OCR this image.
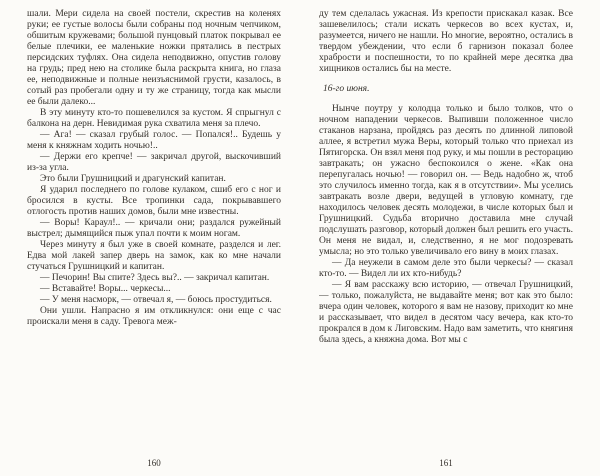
шали. Мери сидела на своей постели, скрестив на коленях руки; ее густые волосы были собраны под ночным чепчиком, обшитым кружевами; большой пунцовый платок покрывал ее белые плечики, ее маленькие ножки прятались в пестрых персидских туфлях. Она сидела неподвижно, опустив голову на грудь; пред нею на столике была раскрыта книга, но глаза ее, неподвижные и полные неизъяснимой грусти, казалось, в сотый раз пробегали одну и ту же страницу, тогда как мысли ее были далеко...

В эту минуту кто-то пошевелился за кустом. Я спрыгнул с балкона на дерн. Невидимая рука схватила меня за плечо.

— Ага! — сказал грубый голос. — Попался!.. Будешь у меня к княжнам ходить ночью!..

— Держи его крепче! — закричал другой, выскочивший из-за угла.

Это были Грушницкий и драгунский капитан.

Я ударил последнего по голове кулаком, сшиб его с ног и бросился в кусты. Все тропинки сада, покрывавшего отлогость против наших домов, были мне известны.

— Воры! Караул!.. — кричали они; раздался ружейный выстрел; дымящийся пыж упал почти к моим ногам.

Через минуту я был уже в своей комнате, разделся и лег. Едва мой лакей запер дверь на замок, как ко мне начали стучаться Грушницкий и капитан.

— Печорин! Вы спите? Здесь вы?.. — закричал капитан.

— Вставайте! Воры... черкесы...

— У меня насморк, — отвечал я, — боюсь простудиться.

Они ушли. Напрасно я им откликнулся: они еще с час проискали меня в саду. Тревога меж-

160

ду тем сделалась ужасная. Из крепости прискакал казак. Все зашевелилось; стали искать черкесов во всех кустах, и, разумеется, ничего не нашли. Но многие, вероятно, остались в твердом убеждении, что если б гарнизон показал более храбрости и поспешности, то по крайней мере десятка два хищников остались бы на месте.

16-го июня.

Нынче поутру у колодца только и было толков, что о ночном нападении черкесов. Выпивши положенное число стаканов нарзана, пройдясь раз десять по длинной липовой аллее, я встретил мужа Веры, который только что приехал из Пятигорска. Он взял меня под руку, и мы пошли в ресторацию завтракать; он ужасно беспокоился о жене. «Как она перепугалась ночью! — говорил он. — Ведь надобно ж, чтоб это случилось именно тогда, как я в отсутствии». Мы уселись завтракать возле двери, ведущей в угловую комнату, где находилось человек десять молодежи, в числе которых был и Грушницкий. Судьба вторично доставила мне случай подслушать разговор, который должен был решить его участь. Он меня не видал, и, следственно, я не мог подозревать умысла; но это только увеличивало его вину в моих глазах.

— Да неужели в самом деле это были черкесы? — сказал кто-то. — Видел ли их кто-нибудь?

— Я вам расскажу всю историю, — отвечал Грушницкий, — только, пожалуйста, не выдавайте меня; вот как это было: вчера один человек, которого я вам не назову, приходит ко мне и рассказывает, что видел в десятом часу вечера, как кто-то прокрался в дом к Лиговским. Надо вам заметить, что княгиня была здесь, а княжна дома. Вот мы с

161
